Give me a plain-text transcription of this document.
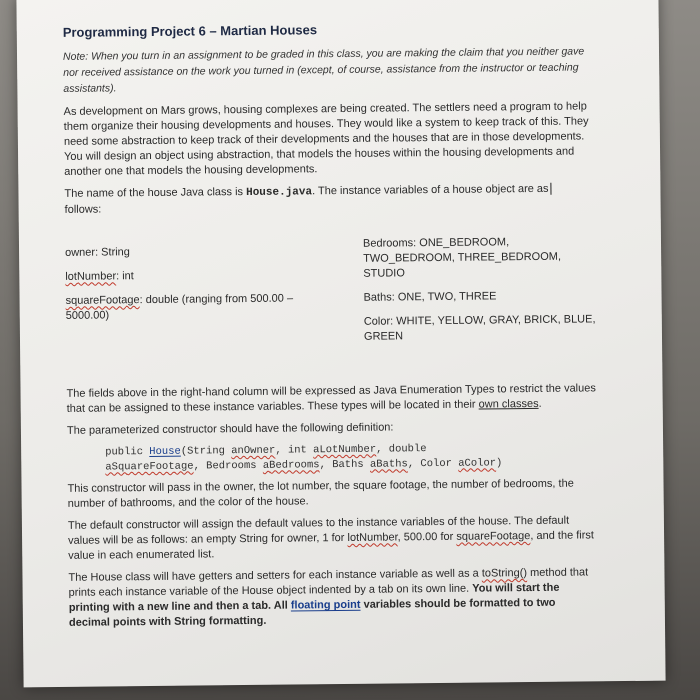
Programming Project 6 – Martian Houses
Note: When you turn in an assignment to be graded in this class, you are making the claim that you neither gave nor received assistance on the work you turned in (except, of course, assistance from the instructor or teaching assistants).

As development on Mars grows, housing complexes are being created. The settlers need a program to help them organize their housing developments and houses. They would like a system to keep track of this. They need some abstraction to keep track of their developments and the houses that are in those developments. You will design an object using abstraction, that models the houses within the housing developments and another one that models the housing developments.

The name of the house Java class is House.java. The instance variables of a house object are as
follows:

owner: String
lotNumber: int
squareFootage: double (ranging from 500.00 – 5000.00)
Bedrooms: ONE_BEDROOM, TWO_BEDROOM, THREE_BEDROOM, STUDIO
Baths: ONE, TWO, THREE
Color: WHITE, YELLOW, GRAY, BRICK, BLUE, GREEN

The fields above in the right-hand column will be expressed as Java Enumeration Types to restrict the values that can be assigned to these instance variables. These types will be located in their own classes.

The parameterized constructor should have the following definition:

public House(String anOwner, int aLotNumber, double
aSquareFootage, Bedrooms aBedrooms, Baths aBaths, Color aColor)

This constructor will pass in the owner, the lot number, the square footage, the number of bedrooms, the number of bathrooms, and the color of the house.

The default constructor will assign the default values to the instance variables of the house. The default values will be as follows: an empty String for owner, 1 for lotNumber, 500.00 for squareFootage, and the first value in each enumerated list.

The House class will have getters and setters for each instance variable as well as a toString() method that prints each instance variable of the House object indented by a tab on its own line. You will start the printing with a new line and then a tab. All floating point variables should be formatted to two decimal points with String formatting.
